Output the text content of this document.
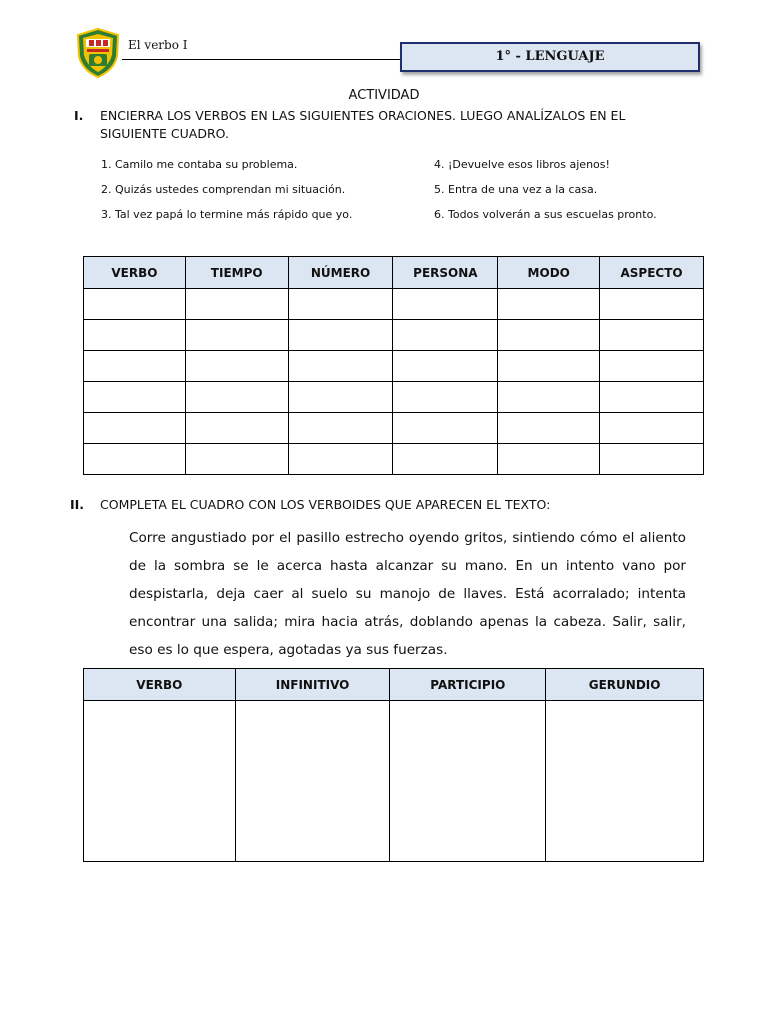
El verbo I
1° - LENGUAJE
ACTIVIDAD
I. ENCIERRA LOS VERBOS EN LAS SIGUIENTES ORACIONES. LUEGO ANALÍZALOS EN EL SIGUIENTE CUADRO.
1. Camilo me contaba su problema.
2. Quizás ustedes comprendan mi situación.
3. Tal vez papá lo termine más rápido que yo.
4. ¡Devuelve esos libros ajenos!
5. Entra de una vez a la casa.
6. Todos volverán a sus escuelas pronto.
VERBO	TIEMPO	NÚMERO	PERSONA	MODO	ASPECTO

II. COMPLETA EL CUADRO CON LOS VERBOIDES QUE APARECEN EL TEXTO:
Corre angustiado por el pasillo estrecho oyendo gritos, sintiendo cómo el aliento de la sombra se le acerca hasta alcanzar su mano. En un intento vano por despistarla, deja caer al suelo su manojo de llaves. Está acorralado; intenta encontrar una salida; mira hacia atrás, doblando apenas la cabeza. Salir, salir, eso es lo que espera, agotadas ya sus fuerzas.
VERBO	INFINITIVO	PARTICIPIO	GERUNDIO
